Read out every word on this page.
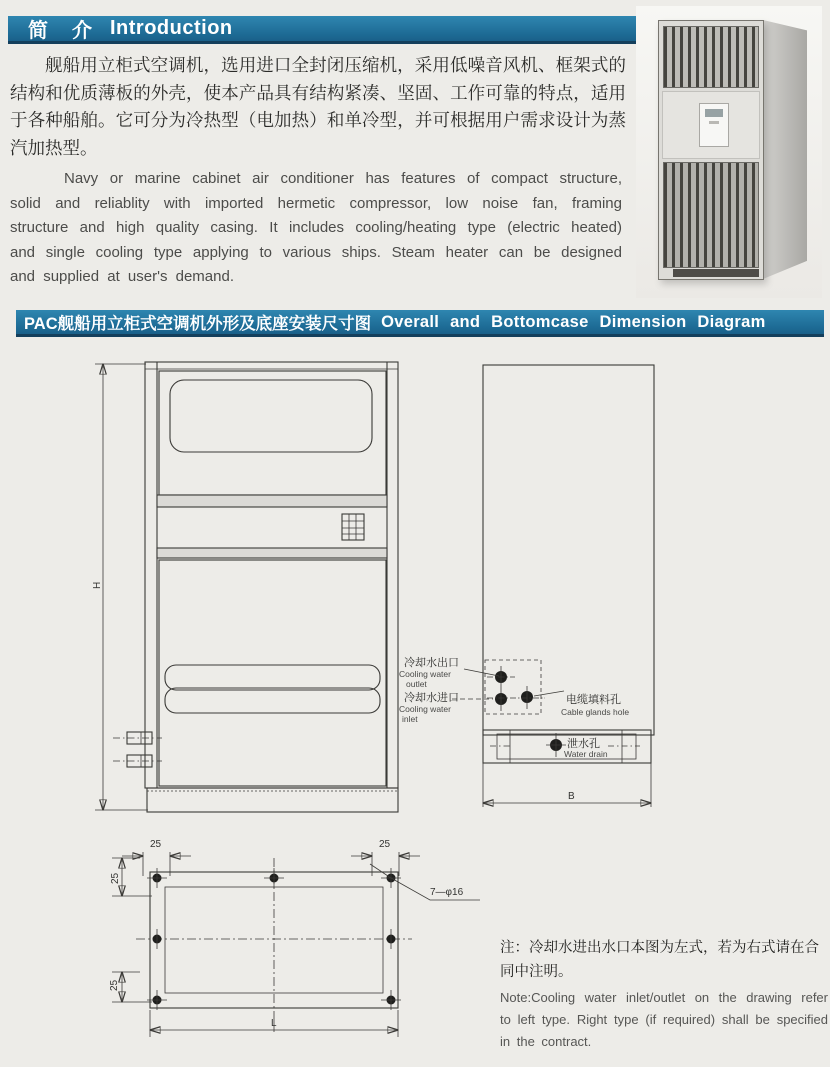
简　介 Introduction
舰船用立柜式空调机，选用进口全封闭压缩机，采用低噪音风机、框架式的结构和优质薄板的外壳，使本产品具有结构紧凑、坚固、工作可靠的特点，适用于各种船舶。它可分为冷热型（电加热）和单冷型，并可根据用户需求设计为蒸汽加热型。
Navy or marine cabinet air conditioner has features of compact structure, solid and reliablity with imported hermetic compressor, low noise fan, framing structure and high quality casing. It includes cooling/heating type (electric heated) and single cooling type applying to various ships. Steam heater can be designed and supplied at user's demand.
PAC舰船用立柜式空调机外形及底座安装尺寸图 Overall and Bottomcase Dimension Diagram
H
冷却水出口
Cooling water
outlet
冷却水进口
Cooling water
inlet
电缆填料孔
Cable glands hole
泄水孔
Water drain
B
25	25
25
25
L
7—φ16
注：冷却水进出水口本图为左式，若为右式请在合同中注明。
Note:Cooling water inlet/outlet on the drawing refer to left type. Right type (if required) shall be specified in the contract.
